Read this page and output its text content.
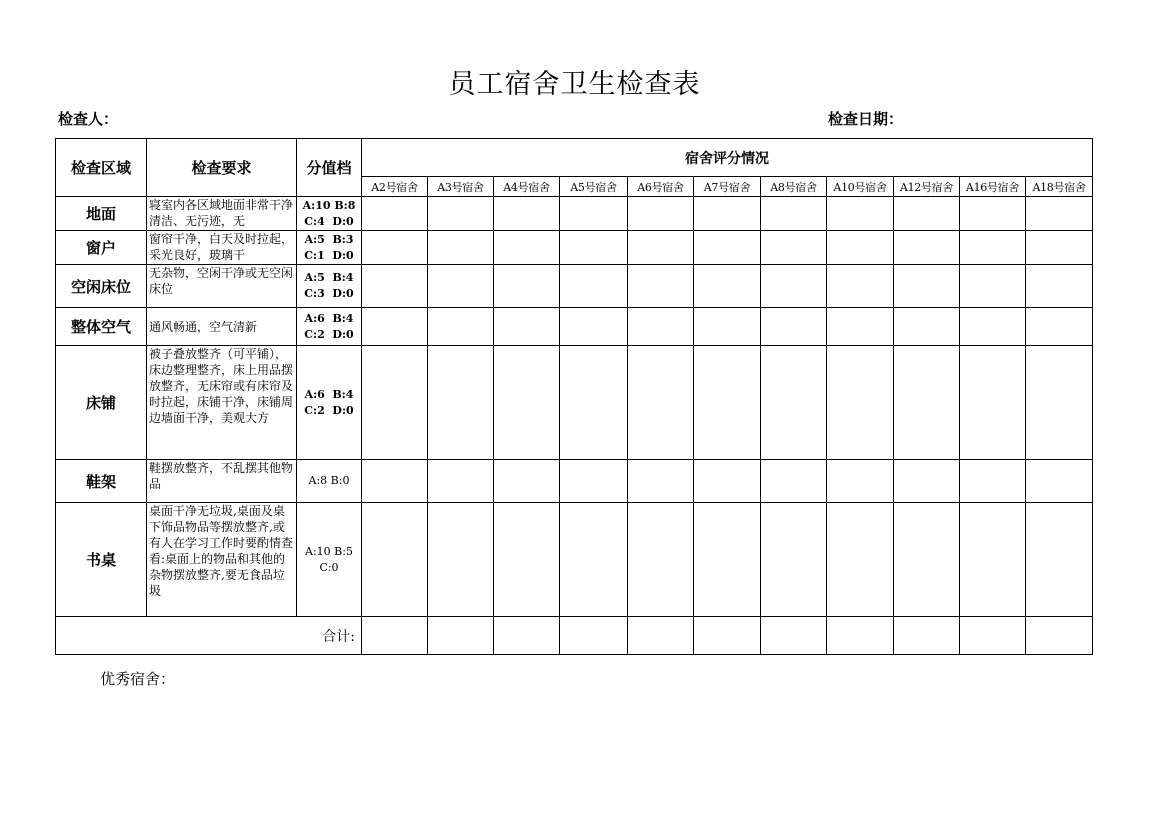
员工宿舍卫生检查表
检查人：	检查日期：
检查区域	检查要求	分值档	宿舍评分情况										
			A2号宿舍	A3号宿舍	A4号宿舍	A5号宿舍	A6号宿舍	A7号宿舍	A8号宿舍	A10号宿舍	A12号宿舍	A16号宿舍	A18号宿舍
地面	寝室内各区域地面非常干净清洁、无污迹，无	A:10 B:8
C:4  D:0											

窗户	窗帘干净，白天及时拉起，采光良好，玻璃干	A:5  B:3
C:1  D:0											

空闲床位	无杂物，空闲干净或无空闲床位	A:5  B:4
C:3  D:0											

整体空气	通风畅通，空气清新	A:6  B:4
C:2  D:0											

床铺	被子叠放整齐（可平铺），床边整理整齐，床上用品摆放整齐，无床帘或有床帘及时拉起，床铺干净，床铺周边墙面干净，美观大方	A:6  B:4
C:2  D:0											

鞋架	鞋摆放整齐，不乱摆其他物品	A:8 B:0											

书桌	桌面干净无垃圾,桌面及桌下饰品物品等摆放整齐,或有人在学习工作时要酌情查看:桌面上的物品和其他的杂物摆放整齐,要无食品垃圾	A:10 B:5
C:0											

合计:													
优秀宿舍：
